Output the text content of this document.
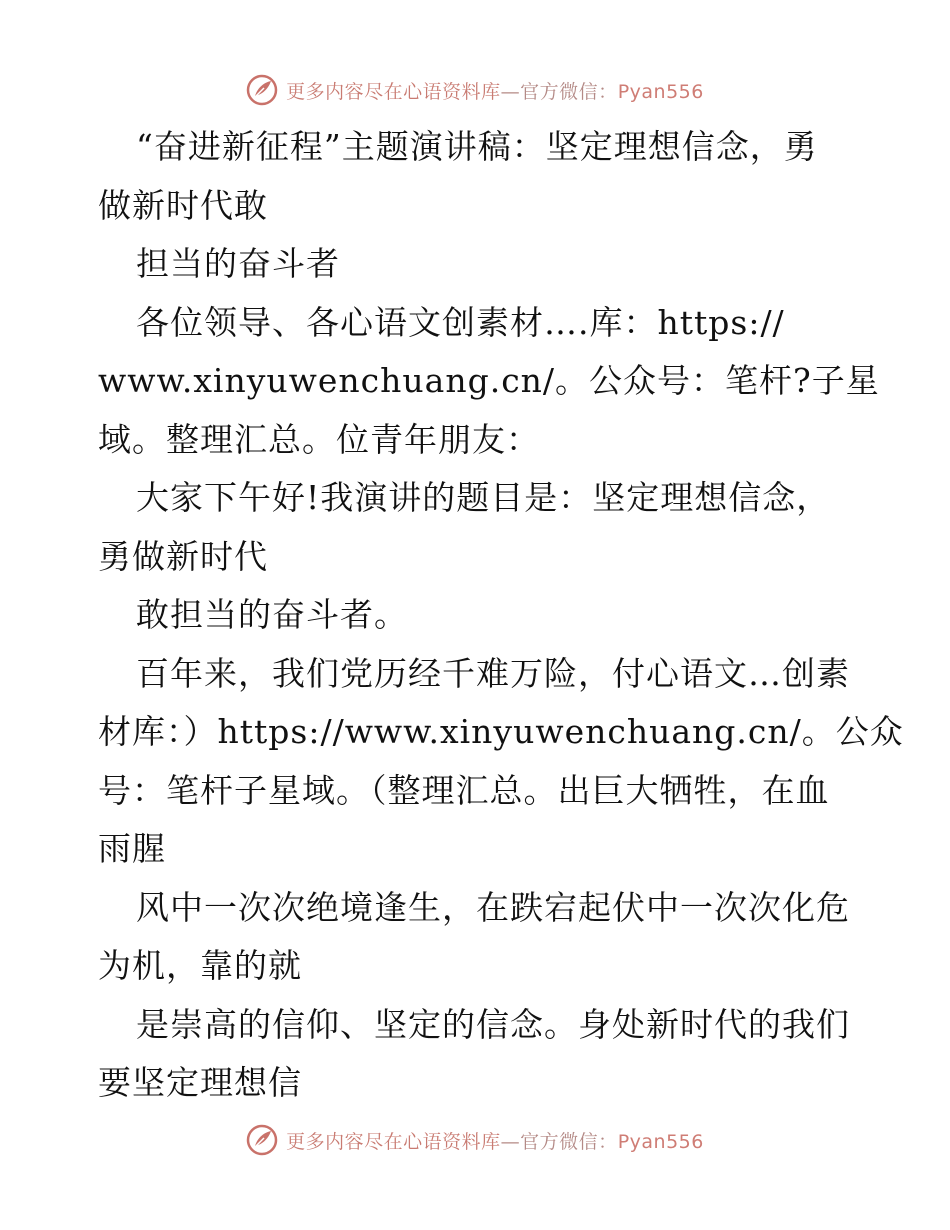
更多内容尽在心语资料库—官方微信：Pyan556
“奋进新征程”主题演讲稿：坚定理想信念，勇
做新时代敢
担当的奋斗者
各位领导、各心语文创素材….库：https://
www.xinyuwenchuang.cn/。公众号：笔杆?子星
域。整理汇总。位青年朋友：
大家下午好!我演讲的题目是：坚定理想信念，
勇做新时代
敢担当的奋斗者。
百年来，我们党历经千难万险，付心语文…创素
材库：）https://www.xinyuwenchuang.cn/。公众
号：笔杆子星域。（整理汇总。出巨大牺牲，在血
雨腥
风中一次次绝境逢生，在跌宕起伏中一次次化危
为机，靠的就
是崇高的信仰、坚定的信念。身处新时代的我们
要坚定理想信
更多内容尽在心语资料库—官方微信：Pyan556
